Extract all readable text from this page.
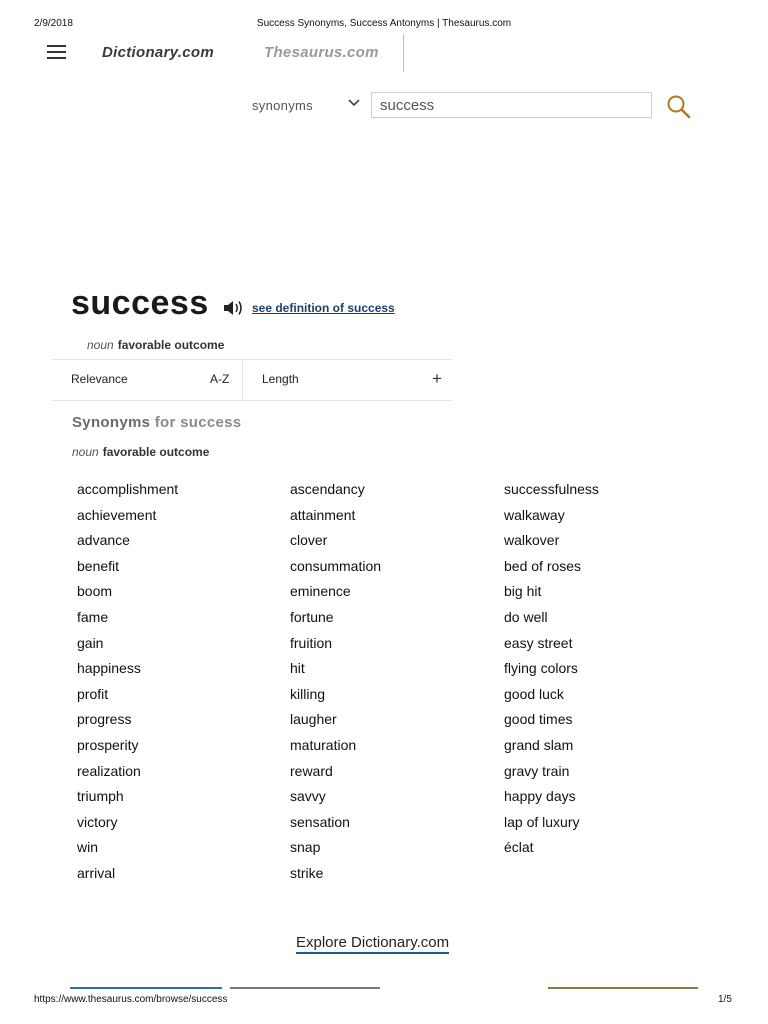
2/9/2018	Success Synonyms, Success Antonyms | Thesaurus.com
Dictionary.com	Thesaurus.com
synonyms
success
success	see definition of success
noun favorable outcome
Relevance	A-Z	Length	+
Synonyms for success
noun favorable outcome
accomplishment
achievement
advance
benefit
boom
fame
gain
happiness
profit
progress
prosperity
realization
triumph
victory
win
arrival
ascendancy
attainment
clover
consummation
eminence
fortune
fruition
hit
killing
laugher
maturation
reward
savvy
sensation
snap
strike
successfulness
walkaway
walkover
bed of roses
big hit
do well
easy street
flying colors
good luck
good times
grand slam
gravy train
happy days
lap of luxury
éclat
Explore Dictionary.com
https://www.thesaurus.com/browse/success	1/5
